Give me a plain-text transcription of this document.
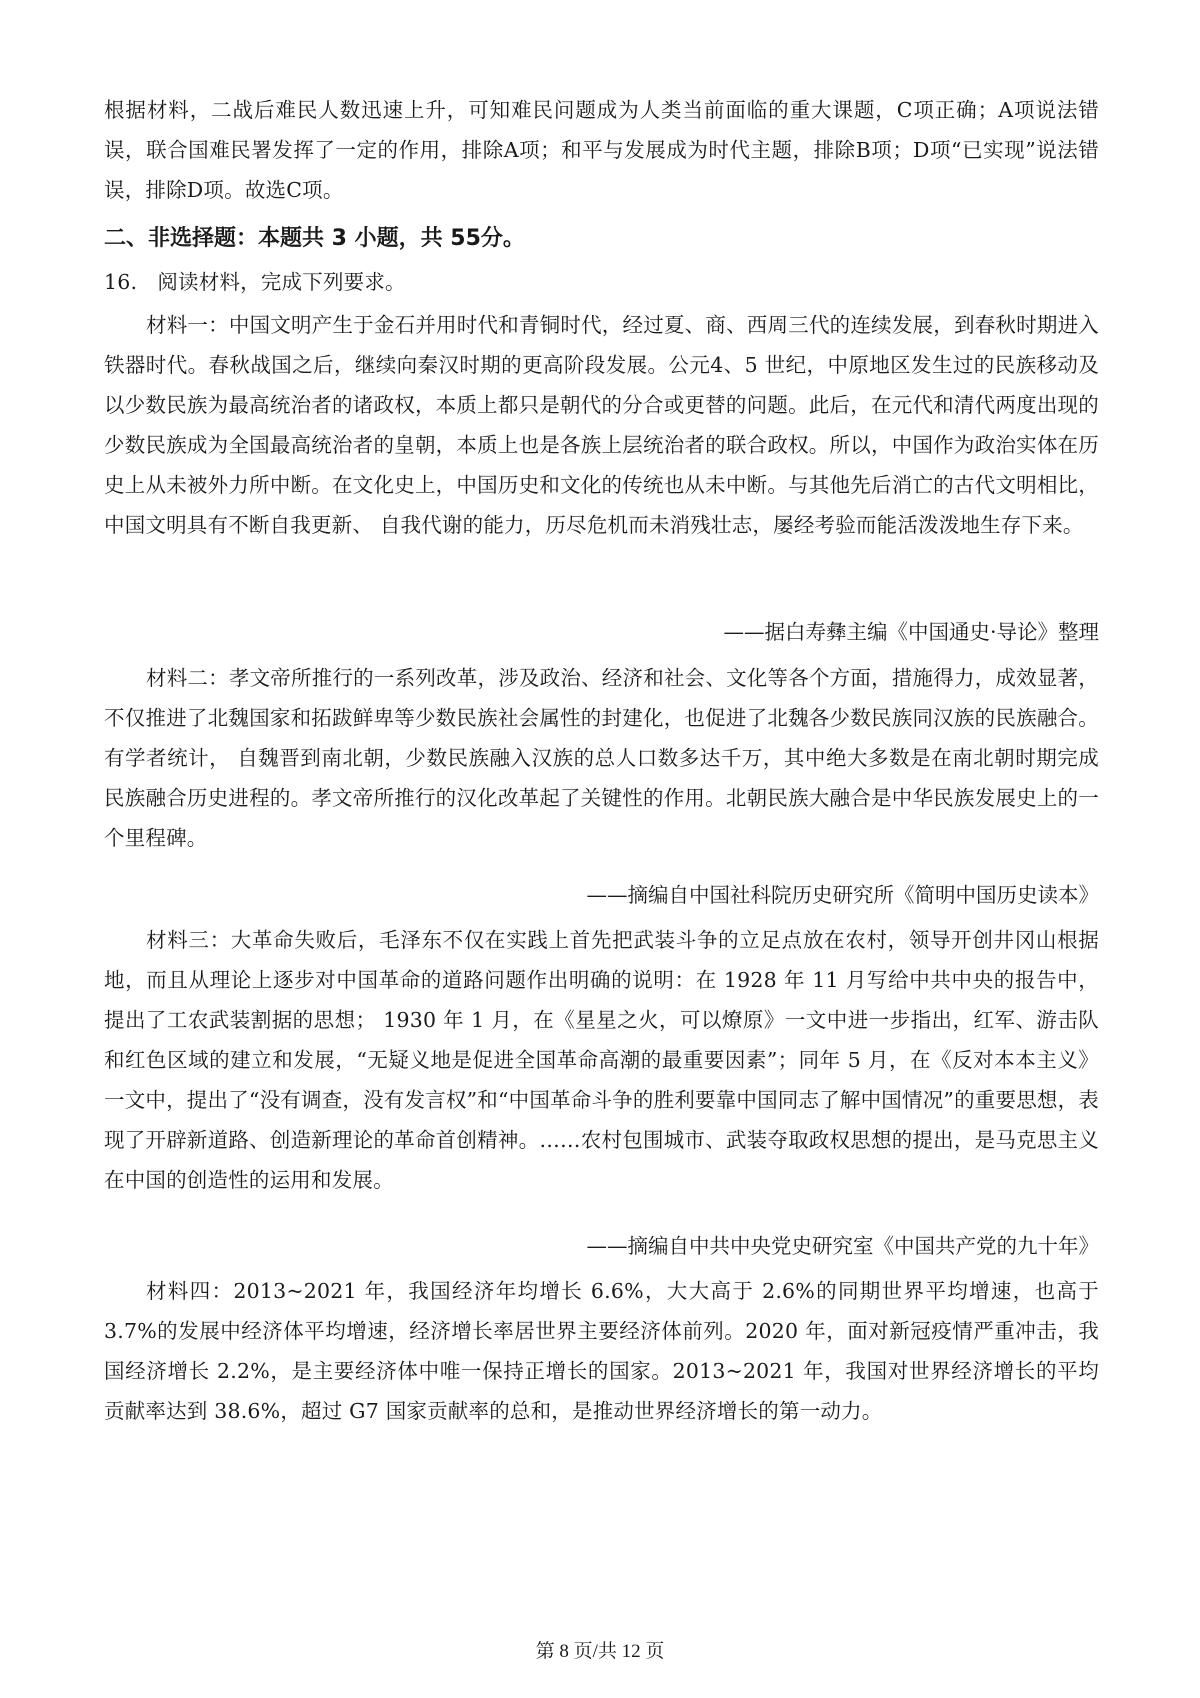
根据材料，二战后难民人数迅速上升，可知难民问题成为人类当前面临的重大课题，C项正确；A项说法错误，联合国难民署发挥了一定的作用，排除A项；和平与发展成为时代主题，排除B项；D项“已实现”说法错误，排除D项。故选C项。
二、非选择题：本题共 3 小题，共 55分。
16. 阅读材料，完成下列要求。
材料一：中国文明产生于金石并用时代和青铜时代，经过夏、商、西周三代的连续发展，到春秋时期进入铁器时代。春秋战国之后，继续向秦汉时期的更高阶段发展。公元4、5 世纪，中原地区发生过的民族移动及以少数民族为最高统治者的诸政权，本质上都只是朝代的分合或更替的问题。此后，在元代和清代两度出现的少数民族成为全国最高统治者的皇朝，本质上也是各族上层统治者的联合政权。所以，中国作为政治实体在历史上从未被外力所中断。在文化史上，中国历史和文化的传统也从未中断。与其他先后消亡的古代文明相比，中国文明具有不断自我更新、 自我代谢的能力，历尽危机而未消残壮志，屡经考验而能活泼泼地生存下来。
——据白寿彝主编《中国通史·导论》整理
材料二：孝文帝所推行的一系列改革，涉及政治、经济和社会、文化等各个方面，措施得力，成效显著，不仅推进了北魏国家和拓跋鲜卑等少数民族社会属性的封建化，也促进了北魏各少数民族同汉族的民族融合。有学者统计， 自魏晋到南北朝，少数民族融入汉族的总人口数多达千万，其中绝大多数是在南北朝时期完成民族融合历史进程的。孝文帝所推行的汉化改革起了关键性的作用。北朝民族大融合是中华民族发展史上的一个里程碑。
——摘编自中国社科院历史研究所《简明中国历史读本》
材料三：大革命失败后，毛泽东不仅在实践上首先把武装斗争的立足点放在农村，领导开创井冈山根据地，而且从理论上逐步对中国革命的道路问题作出明确的说明：在 1928 年 11 月写给中共中央的报告中，提出了工农武装割据的思想； 1930 年 1 月，在《星星之火，可以燎原》一文中进一步指出，红军、游击队和红色区域的建立和发展，“无疑义地是促进全国革命高潮的最重要因素”；同年 5 月，在《反对本本主义》一文中，提出了“没有调查，没有发言权”和“中国革命斗争的胜利要靠中国同志了解中国情况”的重要思想，表现了开辟新道路、创造新理论的革命首创精神。……农村包围城市、武装夺取政权思想的提出，是马克思主义在中国的创造性的运用和发展。
——摘编自中共中央党史研究室《中国共产党的九十年》
材料四：2013~2021 年，我国经济年均增长 6.6%，大大高于 2.6%的同期世界平均增速，也高于 3.7%的发展中经济体平均增速，经济增长率居世界主要经济体前列。2020 年，面对新冠疫情严重冲击，我国经济增长 2.2%，是主要经济体中唯一保持正增长的国家。2013~2021 年，我国对世界经济增长的平均贡献率达到 38.6%，超过 G7 国家贡献率的总和，是推动世界经济增长的第一动力。
第 8 页/共 12 页
